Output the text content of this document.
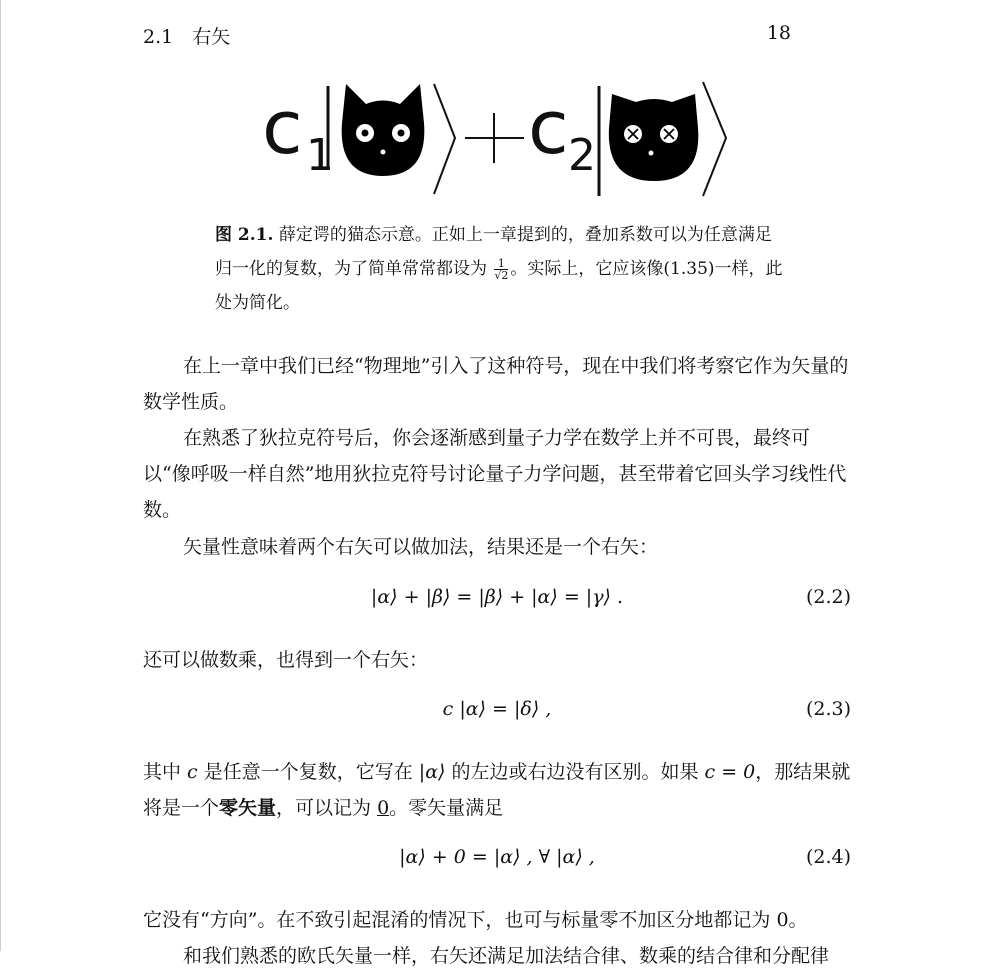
2.1　右矢	18
c 1	c 2
图 2.1. 薛定谔的猫态示意。正如上一章提到的，叠加系数可以为任意满足归一化的复数，为了简单常常都设为 $\frac{1}{√2}$ 。实际上，它应该像(1.35)一样，此处为简化。

在上一章中我们已经“物理地”引入了这种符号，现在中我们将考察它作为矢量的数学性质。

在熟悉了狄拉克符号后，你会逐渐感到量子力学在数学上并不可畏，最终可以“像呼吸一样自然”地用狄拉克符号讨论量子力学问题，甚至带着它回头学习线性代数。

矢量性意味着两个右矢可以做加法，结果还是一个右矢：

|α⟩ + |β⟩ = |β⟩ + |α⟩ = |γ⟩ .	(2.2)

还可以做数乘，也得到一个右矢：

c |α⟩ = |δ⟩ ,	(2.3)

其中 c 是任意一个复数，它写在 |α⟩ 的左边或右边没有区别。如果 c = 0，那结果就将是一个零矢量，可以记为 0。零矢量满足

|α⟩ + 0 = |α⟩ , ∀ |α⟩ ,	(2.4)

它没有“方向”。在不致引起混淆的情况下，也可与标量零不加区分地都记为 0。

和我们熟悉的欧氏矢量一样，右矢还满足加法结合律、数乘的结合律和分配律
